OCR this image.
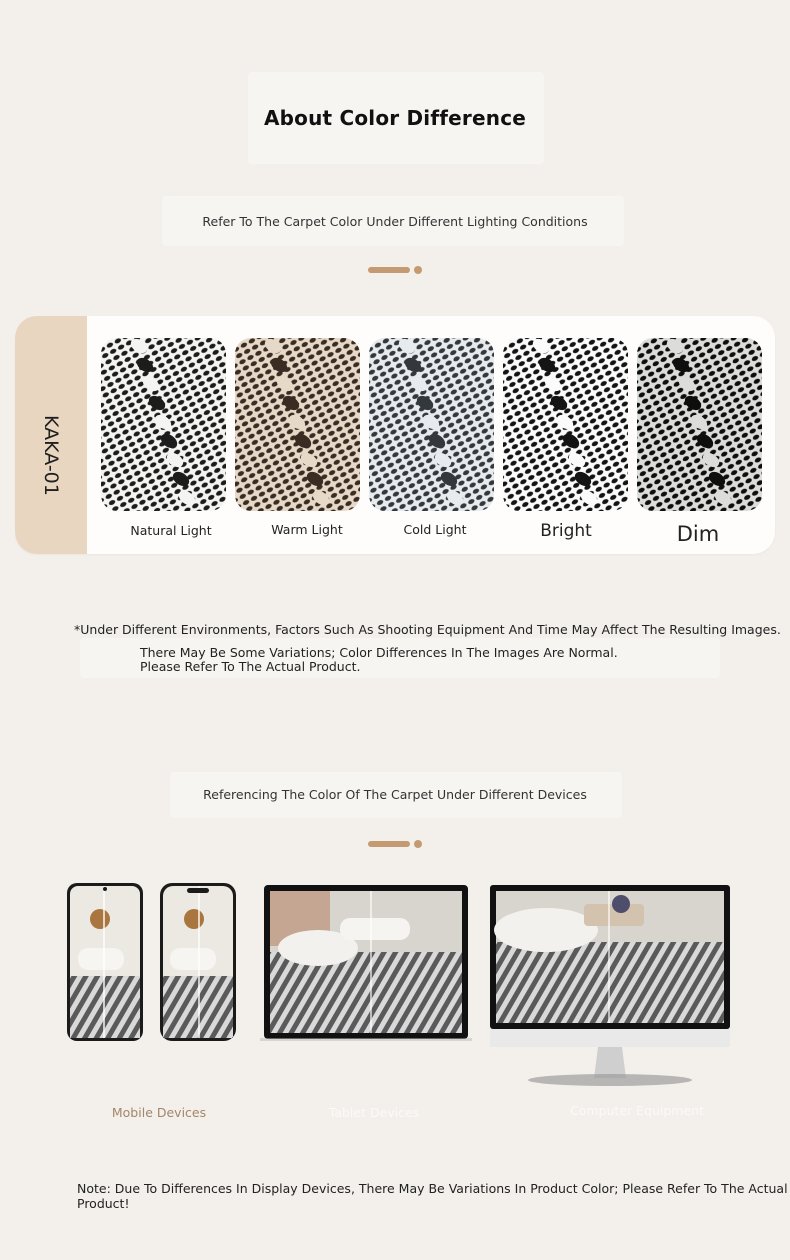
About Color Difference
Refer To The Carpet Color Under Different Lighting Conditions
KAKA-01
Natural Light	Warm Light	Cold Light	Bright	Dim
*Under Different Environments, Factors Such As Shooting Equipment And Time May Affect The Resulting Images.
There May Be Some Variations; Color Differences In The Images Are Normal. Please Refer To The Actual Product.
Referencing The Color Of The Carpet Under Different Devices
Mobile Devices	Tablet Devices	Computer Equipment
Note: Due To Differences In Display Devices, There May Be Variations In Product Color; Please Refer To The Actual Product!
